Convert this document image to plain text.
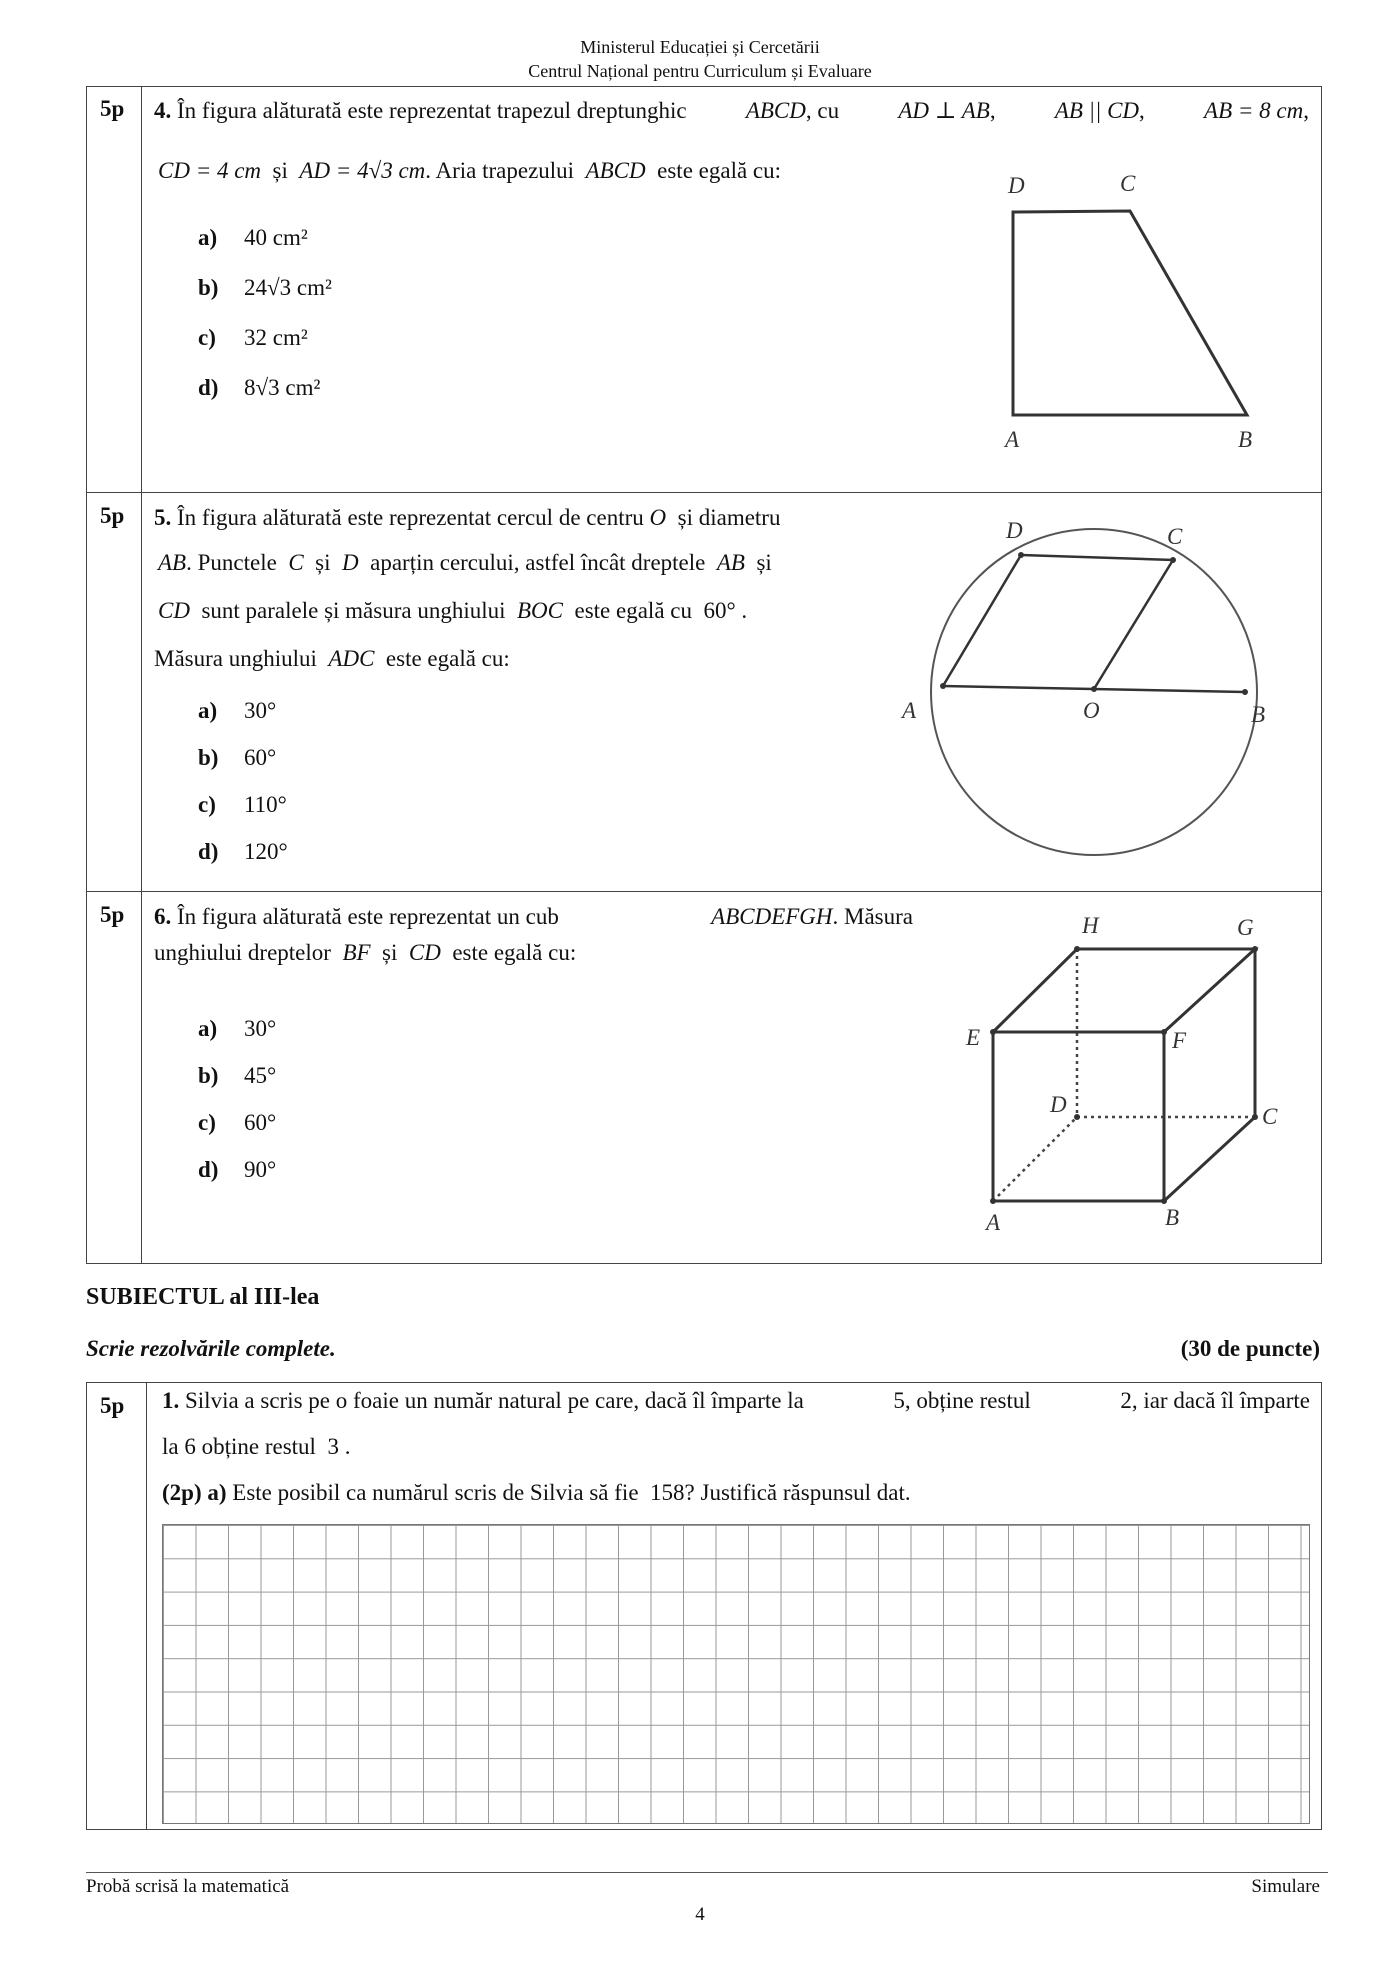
Ministerul Educației și Cercetării
Centrul Național pentru Curriculum și Evaluare
5p 4. În figura alăturată este reprezentat trapezul dreptunghic	ABCD, cu	AD ⊥ AB,	AB || CD,	AB = 8 cm,
CD = 4 cm și AD = 4√3 cm. Aria trapezului ABCD este egală cu:
a) 40 cm²
b) 24√3 cm²
c) 32 cm²
d) 8√3 cm²
D	C
A	B
5p 5. În figura alăturată este reprezentat cercul de centru O și diametru
AB. Punctele C și D aparțin cercului, astfel încât dreptele AB și
CD sunt paralele și măsura unghiului BOC este egală cu 60° .
Măsura unghiului ADC este egală cu:
a) 30°
b) 60°
c) 110°
d) 120°
D	C
A	O	B
5p 6. În figura alăturată este reprezentat un cub	ABCDEFGH. Măsura
unghiului dreptelor BF și CD este egală cu:
a) 30°
b) 45°
c) 60°
d) 90°
H	G
E	F
D	C
A	B
SUBIECTUL al III-lea
Scrie rezolvările complete.	(30 de puncte)
5p 1. Silvia a scris pe o foaie un număr natural pe care, dacă îl împarte la	5, obține restul	2, iar dacă îl împarte
la 6 obține restul 3 .
(2p) a) Este posibil ca numărul scris de Silvia să fie 158? Justifică răspunsul dat.
Probă scrisă la matematică	Simulare
4
